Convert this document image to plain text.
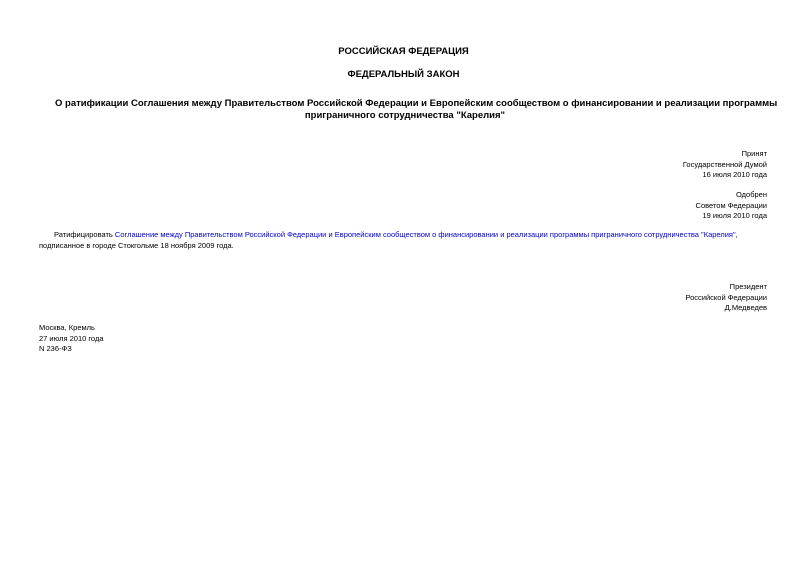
РОССИЙСКАЯ ФЕДЕРАЦИЯ
ФЕДЕРАЛЬНЫЙ ЗАКОН
О ратификации Соглашения между Правительством Российской Федерации и Европейским сообществом о финансировании и реализации программы
приграничного сотрудничества "Карелия"
Принят
Государственной Думой
16 июля 2010 года
Одобрен
Советом Федерации
19 июля 2010 года
Ратифицировать Соглашение между Правительством Российской Федерации и Европейским сообществом о финансировании и реализации программы приграничного сотрудничества "Карелия", подписанное в городе Стокгольме 18 ноября 2009 года.
Президент
Российской Федерации
Д.Медведев
Москва, Кремль
27 июля 2010 года
N 236-ФЗ
